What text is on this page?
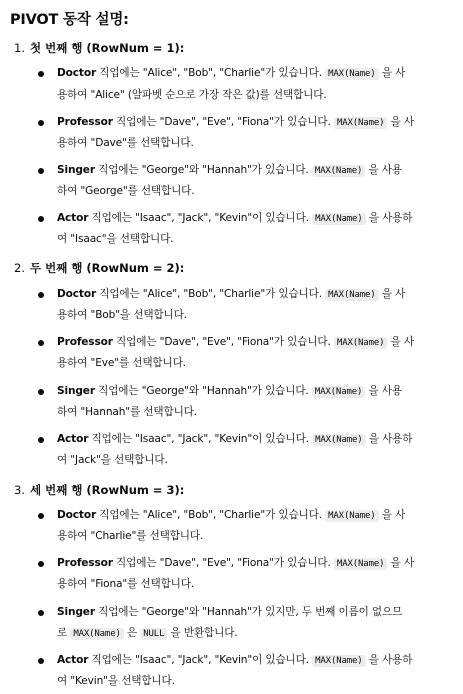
PIVOT 동작 설명:
1. 첫 번째 행 (RowNum = 1):
Doctor 직업에는 "Alice", "Bob", "Charlie"가 있습니다. MAX(Name) 을 사
용하여 "Alice" (알파벳 순으로 가장 작은 값)를 선택합니다.
Professor 직업에는 "Dave", "Eve", "Fiona"가 있습니다. MAX(Name) 을 사
용하여 "Dave"를 선택합니다.
Singer 직업에는 "George"와 "Hannah"가 있습니다. MAX(Name) 을 사용
하여 "George"를 선택합니다.
Actor 직업에는 "Isaac", "Jack", "Kevin"이 있습니다. MAX(Name) 을 사용하
여 "Isaac"을 선택합니다.
2. 두 번째 행 (RowNum = 2):
Doctor 직업에는 "Alice", "Bob", "Charlie"가 있습니다. MAX(Name) 을 사
용하여 "Bob"을 선택합니다.
Professor 직업에는 "Dave", "Eve", "Fiona"가 있습니다. MAX(Name) 을 사
용하여 "Eve"를 선택합니다.
Singer 직업에는 "George"와 "Hannah"가 있습니다. MAX(Name) 을 사용
하여 "Hannah"를 선택합니다.
Actor 직업에는 "Isaac", "Jack", "Kevin"이 있습니다. MAX(Name) 을 사용하
여 "Jack"을 선택합니다.
3. 세 번째 행 (RowNum = 3):
Doctor 직업에는 "Alice", "Bob", "Charlie"가 있습니다. MAX(Name) 을 사
용하여 "Charlie"를 선택합니다.
Professor 직업에는 "Dave", "Eve", "Fiona"가 있습니다. MAX(Name) 을 사
용하여 "Fiona"를 선택합니다.
Singer 직업에는 "George"와 "Hannah"가 있지만, 두 번째 이름이 없으므
로 MAX(Name) 은 NULL 을 반환합니다.
Actor 직업에는 "Isaac", "Jack", "Kevin"이 있습니다. MAX(Name) 을 사용하
여 "Kevin"을 선택합니다.
